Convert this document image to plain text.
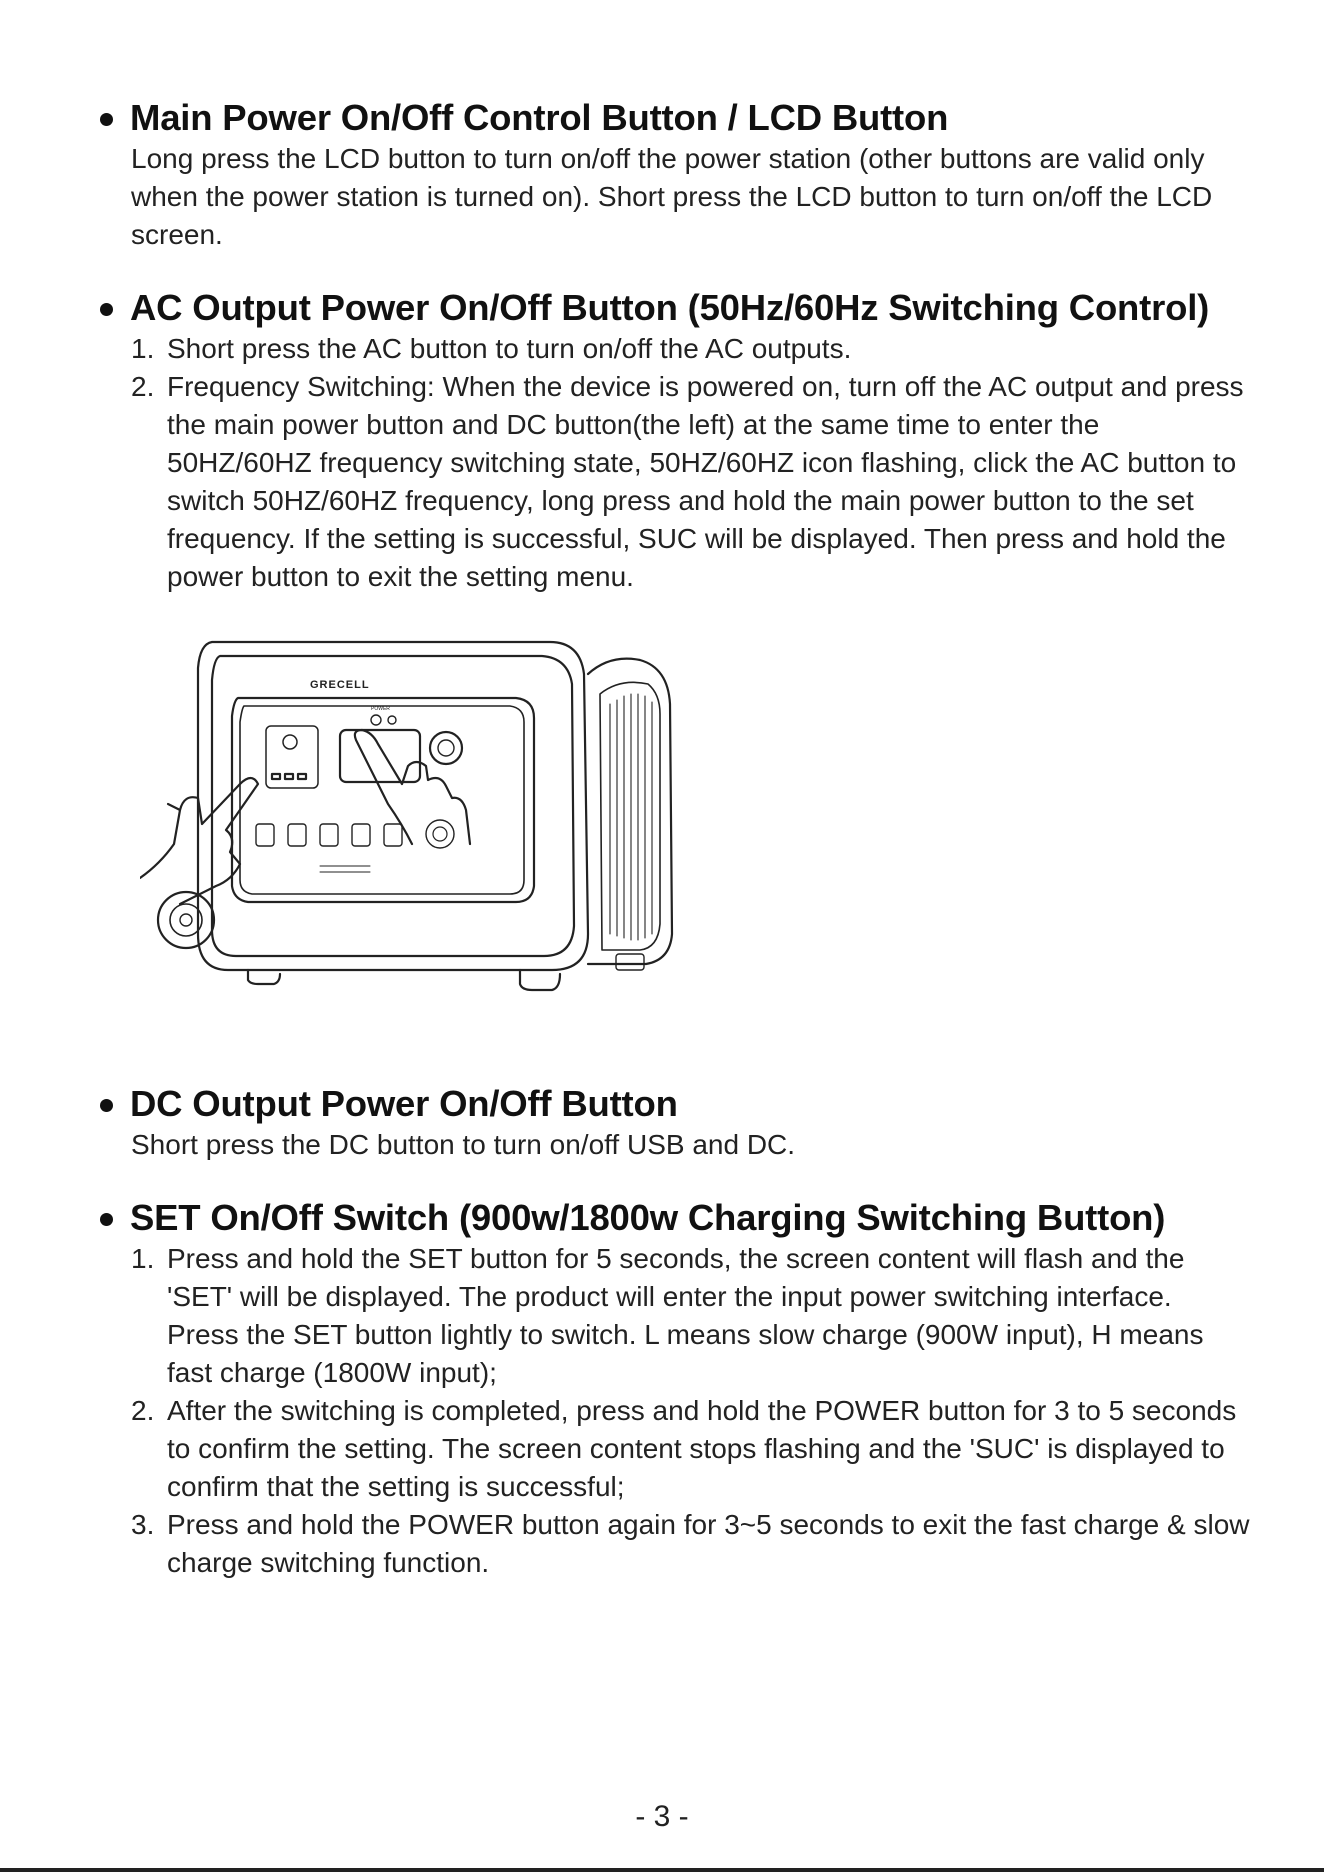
Main Power On/Off Control Button / LCD Button

Long press the LCD button to turn on/off the power station (other buttons are valid only when the power station is turned on). Short press the LCD button to turn on/off the LCD screen.

AC Output Power On/Off Button (50Hz/60Hz Switching Control)
1. Short press the AC button to turn on/off the AC outputs.
2. Frequency Switching: When the device is powered on, turn off the AC output and press the main power button and DC button(the left) at the same time to enter the 50HZ/60HZ frequency switching state, 50HZ/60HZ icon flashing, click the AC button to switch 50HZ/60HZ frequency, long press and hold the main power button to the set frequency. If the setting is successful, SUC will be displayed. Then press and hold the power button to exit the setting menu.
GRECELL
POWER
DC Output Power On/Off Button

Short press the DC button to turn on/off USB and DC.

SET On/Off Switch (900w/1800w Charging Switching Button)
1. Press and hold the SET button for 5 seconds, the screen content will flash and the 'SET' will be displayed. The product will enter the input power switching interface. Press the SET button lightly to switch. L means slow charge (900W input), H means fast charge (1800W input);
2. After the switching is completed, press and hold the POWER button for 3 to 5 seconds to confirm the setting. The screen content stops flashing and the 'SUC' is displayed to confirm that the setting is successful;
3. Press and hold the POWER button again for 3~5 seconds to exit the fast charge & slow charge switching function.
- 3 -
